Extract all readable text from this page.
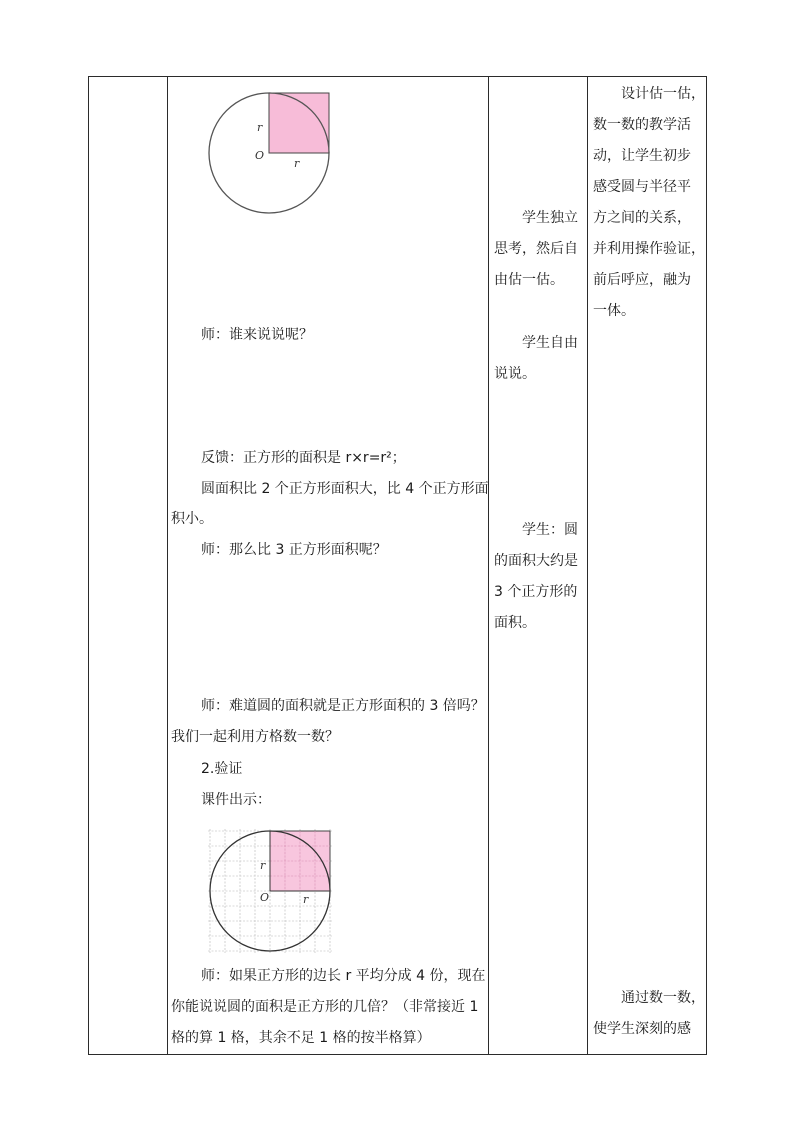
r
O
r
师：谁来说说呢？
反馈：正方形的面积是 r×r=r²；
圆面积比 2 个正方形面积大，比 4 个正方形面
积小。
师：那么比 3 正方形面积呢？
师：难道圆的面积就是正方形面积的 3 倍吗？
我们一起利用方格数一数？
2.验证
课件出示：
r
O	r
师：如果正方形的边长 r 平均分成 4 份，现在
你能说说圆的面积是正方形的几倍？（非常接近 1
格的算 1 格，其余不足 1 格的按半格算）

学生独立
思考，然后自
由估一估。
学生自由
说说。
学生：圆
的面积大约是
3 个正方形的
面积。

设计估一估，
数一数的教学活
动，让学生初步
感受圆与半径平
方之间的关系，
并利用操作验证，
前后呼应，融为
一体。
通过数一数，
使学生深刻的感
